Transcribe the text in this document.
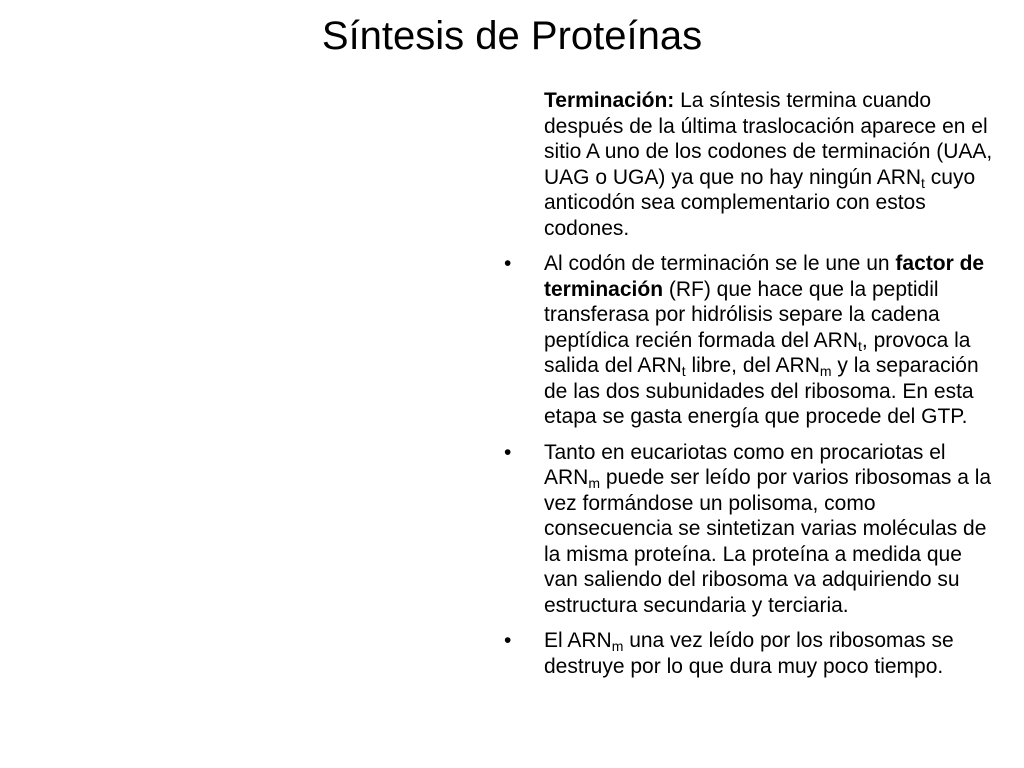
Síntesis de Proteínas
Terminación: La síntesis termina cuando después de la última traslocación aparece en el sitio A uno de los codones de terminación (UAA, UAG o UGA) ya que no hay ningún $ARN_t$ cuyo anticodón sea complementario con estos codones.
•	Al codón de terminación se le une un factor de terminación (RF) que hace que la peptidil transferasa por hidrólisis separe la cadena peptídica recién formada del $ARN_t$, provoca la salida del $ARN_t$ libre, del $ARN_m$ y la separación de las dos subunidades del ribosoma. En esta etapa se gasta energía que procede del GTP.
•	Tanto en eucariotas como en procariotas el $ARN_m$ puede ser leído por varios ribosomas a la vez formándose un polisoma, como consecuencia se sintetizan varias moléculas de la misma proteína. La proteína a medida que van saliendo del ribosoma va adquiriendo su estructura secundaria y terciaria.
•	El $ARN_m$ una vez leído por los ribosomas se destruye por lo que dura muy poco tiempo.
